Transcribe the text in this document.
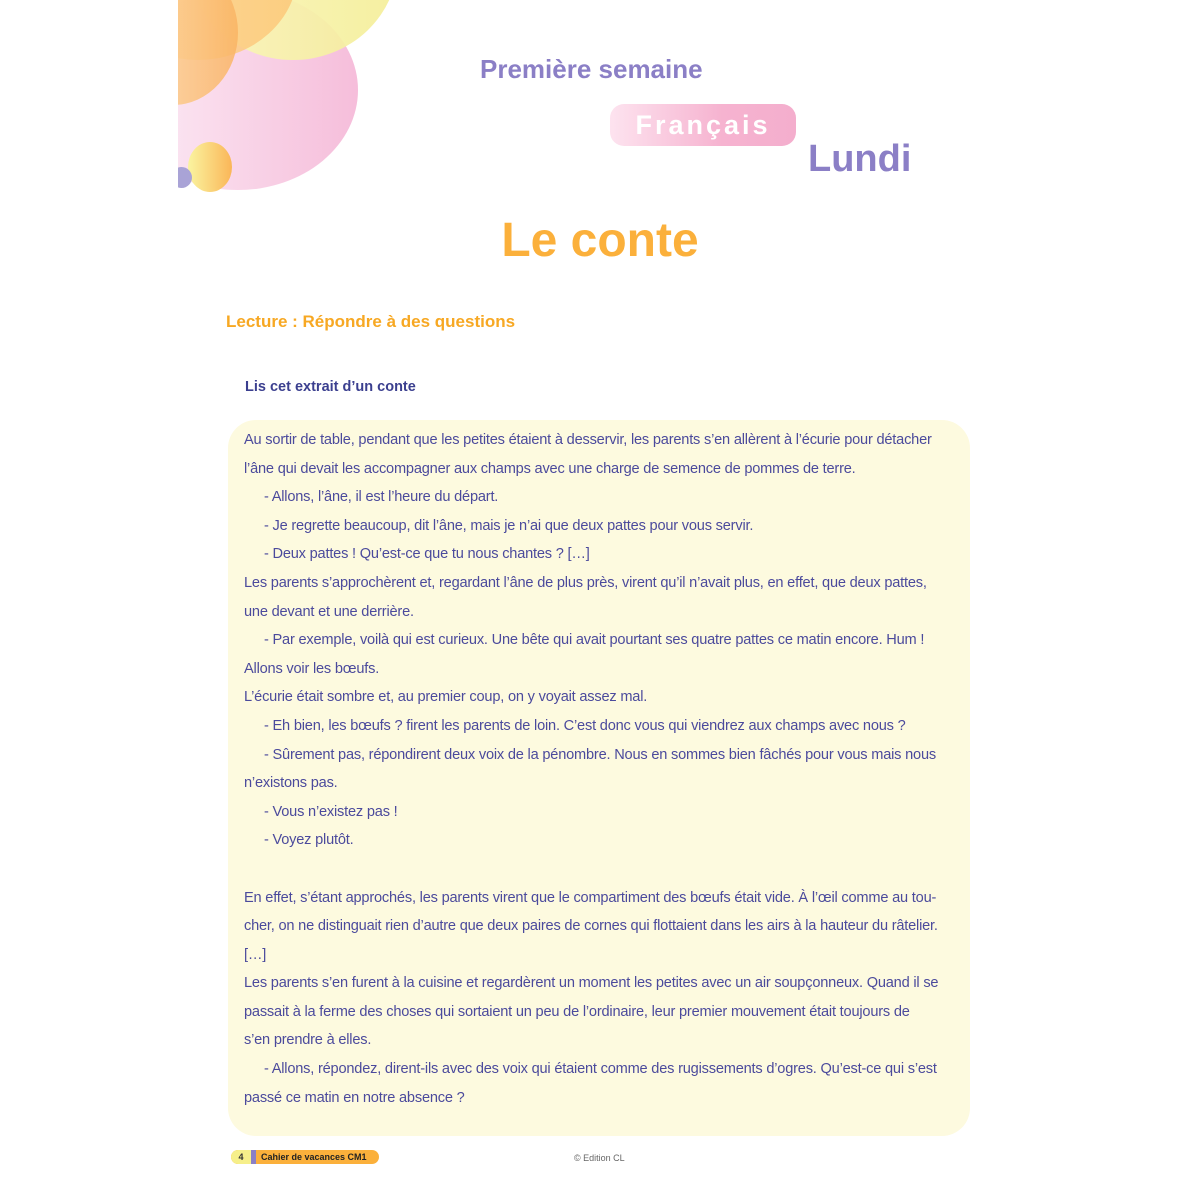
Première semaine
Français
Lundi
Le conte
Lecture : Répondre à des questions
Lis cet extrait d’un conte
Au sortir de table, pendant que les petites étaient à desservir, les parents s’en allèrent à l’écurie pour détacher
l’âne qui devait les accompagner aux champs avec une charge de semence de pommes de terre.
- Allons, l’âne, il est l’heure du départ.
- Je regrette beaucoup, dit l’âne, mais je n’ai que deux pattes pour vous servir.
- Deux pattes ! Qu’est-ce que tu nous chantes ? […]
Les parents s’approchèrent et, regardant l’âne de plus près, virent qu’il n’avait plus, en effet, que deux pattes,
une devant et une derrière.
- Par exemple, voilà qui est curieux. Une bête qui avait pourtant ses quatre pattes ce matin encore. Hum !
Allons voir les bœufs.
L’écurie était sombre et, au premier coup, on y voyait assez mal.
- Eh bien, les bœufs ? firent les parents de loin. C’est donc vous qui viendrez aux champs avec nous ?
- Sûrement pas, répondirent deux voix de la pénombre. Nous en sommes bien fâchés pour vous mais nous
n’existons pas.
- Vous n’existez pas !
- Voyez plutôt.
En effet, s’étant approchés, les parents virent que le compartiment des bœufs était vide. À l’œil comme au tou-
cher, on ne distinguait rien d’autre que deux paires de cornes qui flottaient dans les airs à la hauteur du râtelier.
[…]
Les parents s’en furent à la cuisine et regardèrent un moment les petites avec un air soupçonneux. Quand il se
passait à la ferme des choses qui sortaient un peu de l’ordinaire, leur premier mouvement était toujours de
s’en prendre à elles.
- Allons, répondez, dirent-ils avec des voix qui étaient comme des rugissements d’ogres. Qu’est-ce qui s’est
passé ce matin en notre absence ?
4	Cahier de vacances CM1	© Edition CL
